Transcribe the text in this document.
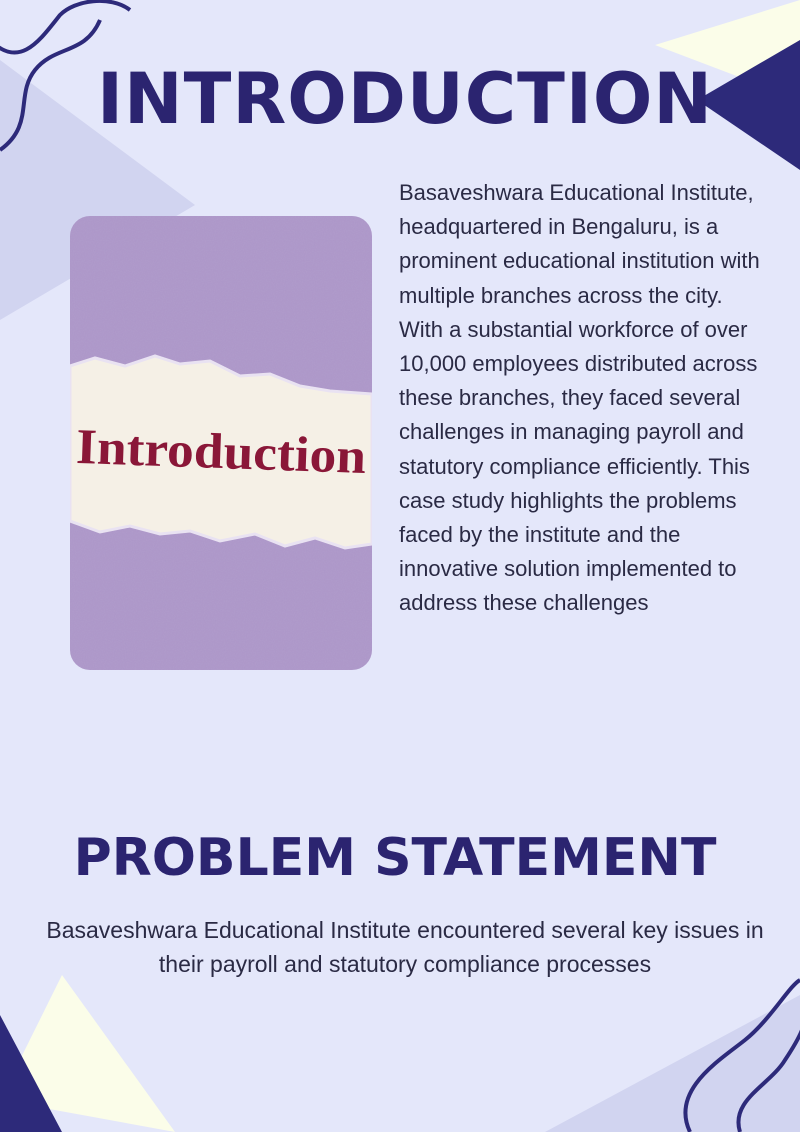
INTRODUCTION
Introduction

Basaveshwara Educational Institute, headquartered in Bengaluru, is a prominent educational institution with multiple branches across the city. With a substantial workforce of over 10,000 employees distributed across these branches, they faced several challenges in managing payroll and statutory compliance efficiently. This case study highlights the problems faced by the institute and the innovative solution implemented to address these challenges

PROBLEM STATEMENT

Basaveshwara Educational Institute encountered several key issues in their payroll and statutory compliance processes
